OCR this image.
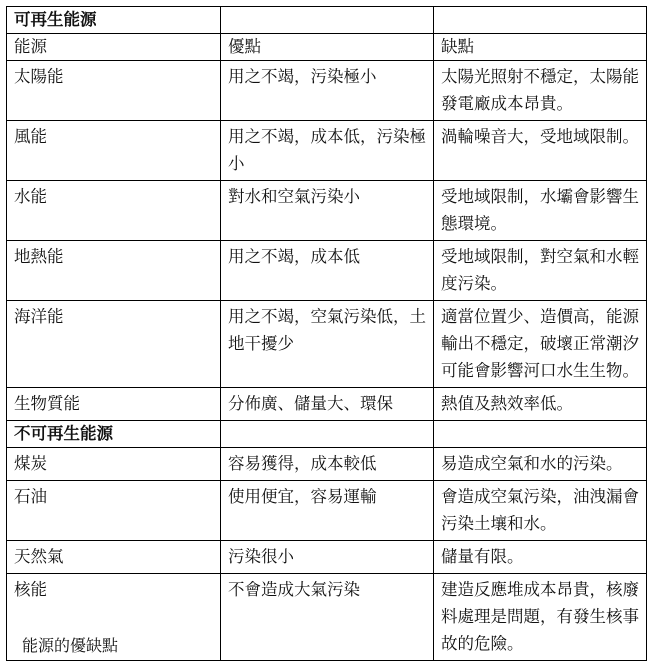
可再生能源		
能源	優點	缺點
太陽能	用之不竭，污染極小	太陽光照射不穩定，太陽能發電廠成本昂貴。
風能	用之不竭，成本低，污染極小	渦輪噪音大，受地域限制。
水能	對水和空氣污染小	受地域限制，水壩會影響生態環境。
地熱能	用之不竭，成本低	受地域限制，對空氣和水輕度污染。
海洋能	用之不竭，空氣污染低，土地干擾少	適當位置少、造價高，能源輸出不穩定，破壞正常潮汐可能會影響河口水生生物。
生物質能	分佈廣、儲量大、環保	熱值及熱效率低。
不可再生能源		
煤炭	容易獲得，成本較低	易造成空氣和水的污染。
石油	使用便宜，容易運輸	會造成空氣污染，油洩漏會污染土壤和水。
天然氣	污染很小	儲量有限。
核能	不會造成大氣污染	建造反應堆成本昂貴，核廢料處理是問題，有發生核事故的危險。
能源的優缺點
